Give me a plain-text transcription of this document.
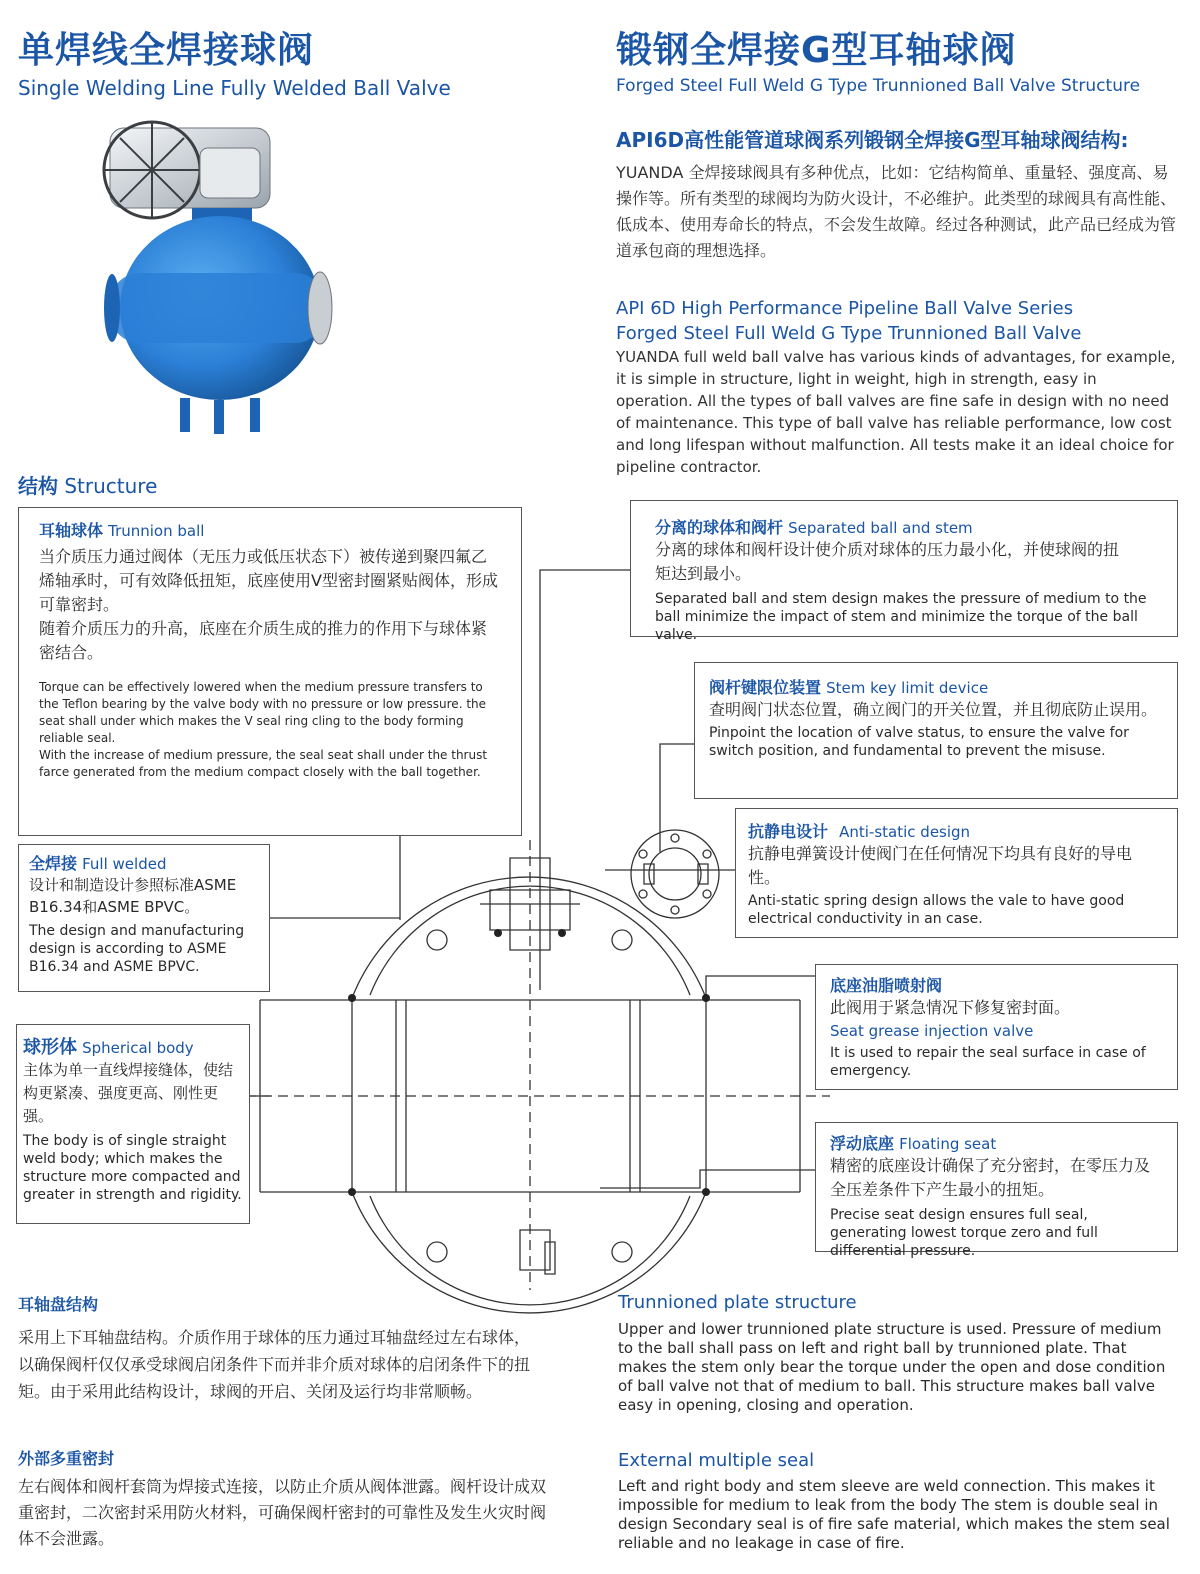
单焊线全焊接球阀
Single Welding Line Fully Welded Ball Valve
锻钢全焊接G型耳轴球阀
Forged Steel Full Weld G Type Trunnioned Ball Valve Structure
API6D高性能管道球阀系列锻钢全焊接G型耳轴球阀结构:
YUANDA 全焊接球阀具有多种优点，比如：它结构简单、重量轻、强度高、易操作等。所有类型的球阀均为防火设计，不必维护。此类型的球阀具有高性能、低成本、使用寿命长的特点，不会发生故障。经过各种测试，此产品已经成为管道承包商的理想选择。
API 6D High Performance Pipeline Ball Valve Series
Forged Steel Full Weld G Type Trunnioned Ball Valve
YUANDA full weld ball valve has various kinds of advantages, for example, it is simple in structure, light in weight, high in strength, easy in operation. All the types of ball valves are fine safe in design with no need of maintenance. This type of ball valve has reliable performance, low cost and long lifespan without malfunction. All tests make it an ideal choice for pipeline contractor.
结构 Structure
耳轴球体 Trunnion ball
当介质压力通过阀体（无压力或低压状态下）被传递到聚四氟乙烯轴承时，可有效降低扭矩，底座使用V型密封圈紧贴阀体，形成可靠密封。
随着介质压力的升高，底座在介质生成的推力的作用下与球体紧密结合。
Torque can be effectively lowered when the medium pressure transfers to the Teflon bearing by the valve body with no pressure or low pressure. the seat shall under which makes the V seal ring cling to the body forming reliable seal.
With the increase of medium pressure, the seal seat shall under the thrust farce generated from the medium compact closely with the ball together.
全焊接 Full welded
设计和制造设计参照标准ASME B16.34和ASME BPVC。
The design and manufacturing design is according to ASME B16.34 and ASME BPVC.
球形体 Spherical body
主体为单一直线焊接缝体，使结构更紧凑、强度更高、刚性更强。
The body is of single straight weld body; which makes the structure more compacted and greater in strength and rigidity.
分离的球体和阀杆 Separated ball and stem
分离的球体和阀杆设计使介质对球体的压力最小化，并使球阀的扭矩达到最小。
Separated ball and stem design makes the pressure of medium to the ball minimize the impact of stem and minimize the torque of the ball valve.
阀杆键限位装置 Stem key limit device
查明阀门状态位置，确立阀门的开关位置，并且彻底防止误用。
Pinpoint the location of valve status, to ensure the valve for switch position, and fundamental to prevent the misuse.
抗静电设计 Anti-static design
抗静电弹簧设计使阀门在任何情况下均具有良好的导电性。
Anti-static spring design allows the vale to have good electrical conductivity in an case.
底座油脂喷射阀
此阀用于紧急情况下修复密封面。
Seat grease injection valve
It is used to repair the seal surface in case of emergency.
浮动底座 Floating seat
精密的底座设计确保了充分密封，在零压力及全压差条件下产生最小的扭矩。
Precise seat design ensures full seal, generating lowest torque zero and full differential pressure.
耳轴盘结构
采用上下耳轴盘结构。介质作用于球体的压力通过耳轴盘经过左右球体，以确保阀杆仅仅承受球阀启闭条件下而并非介质对球体的启闭条件下的扭矩。由于采用此结构设计，球阀的开启、关闭及运行均非常顺畅。
外部多重密封
左右阀体和阀杆套筒为焊接式连接，以防止介质从阀体泄露。阀杆设计成双重密封，二次密封采用防火材料，可确保阀杆密封的可靠性及发生火灾时阀体不会泄露。
Trunnioned plate structure
Upper and lower trunnioned plate structure is used. Pressure of medium to the ball shall pass on left and right ball by trunnioned plate. That makes the stem only bear the torque under the open and dose condition of ball valve not that of medium to ball. This structure makes ball valve easy in opening, closing and operation.
External multiple seal
Left and right body and stem sleeve are weld connection. This makes it impossible for medium to leak from the body The stem is double seal in design Secondary seal is of fire safe material, which makes the stem seal reliable and no leakage in case of fire.
